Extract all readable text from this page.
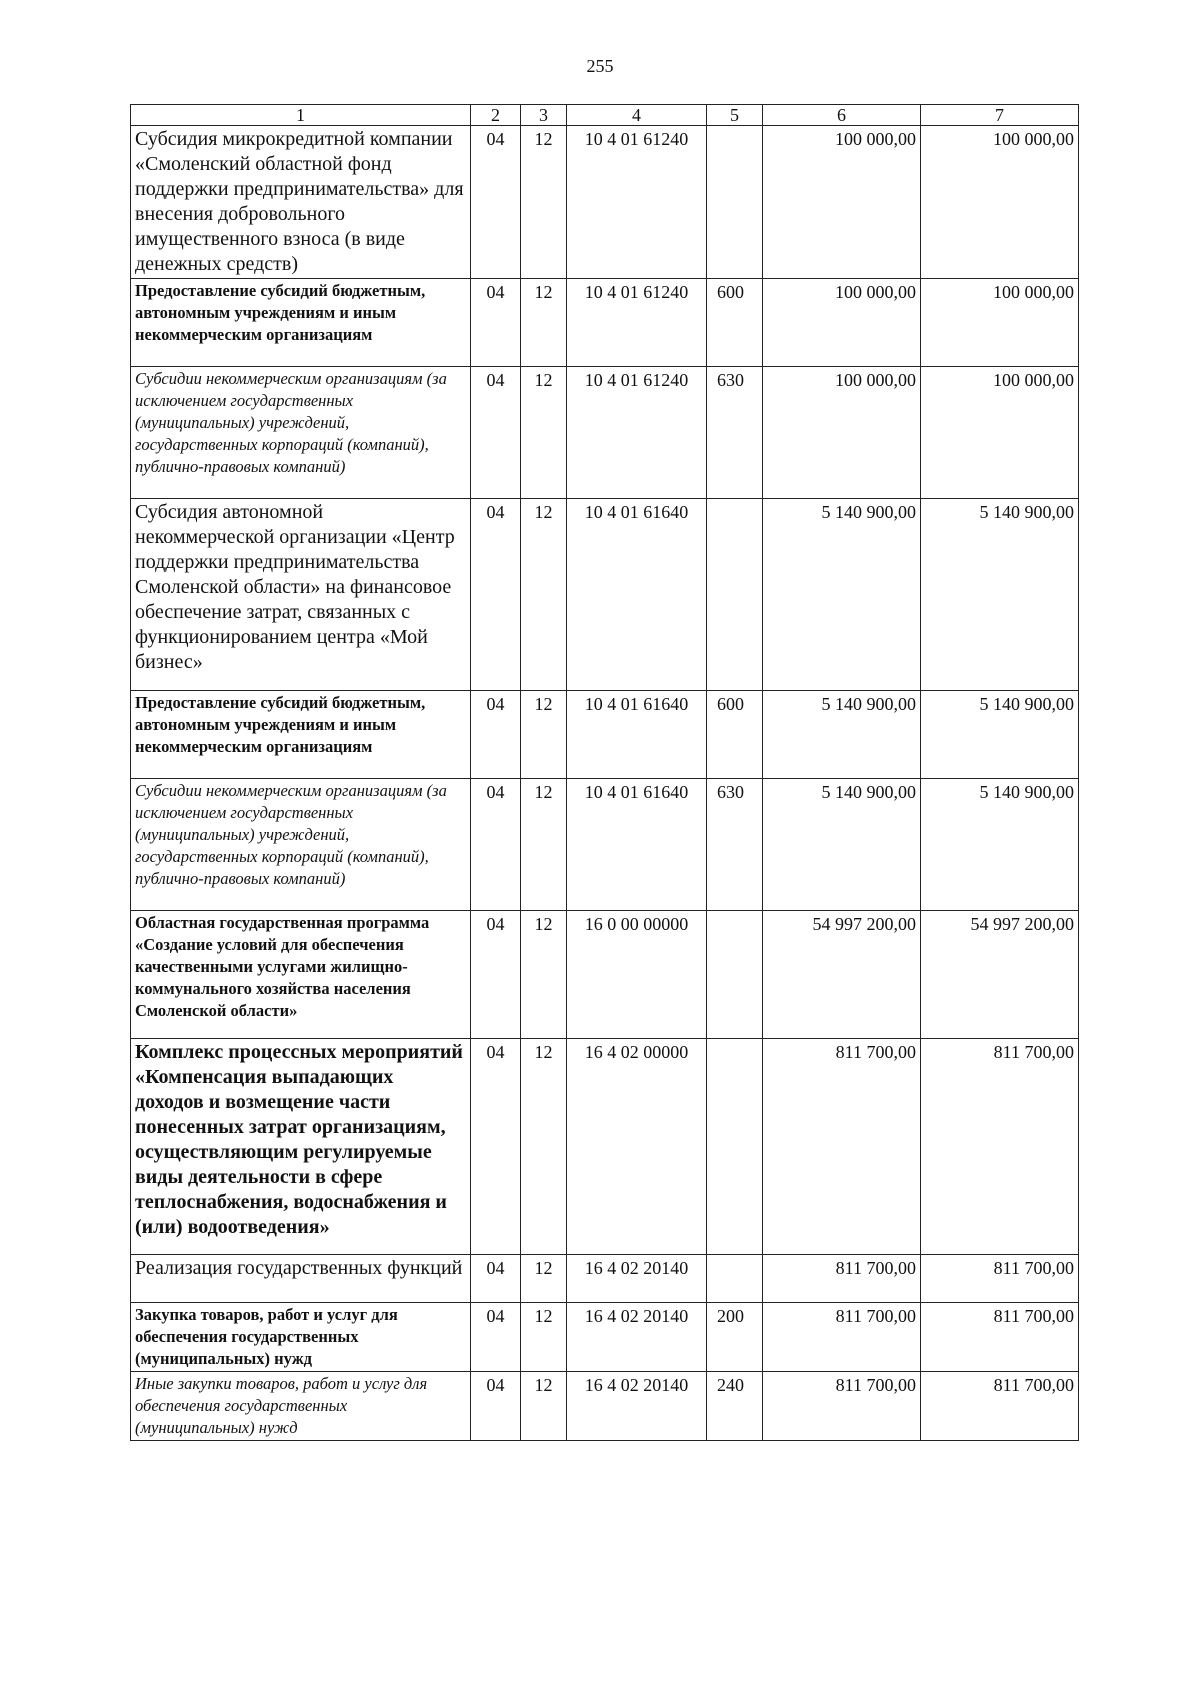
255
1	2	3	4	5	6	7
Субсидия микрокредитной компании «Смоленский областной фонд поддержки предпринимательства» для внесения добровольного имущественного взноса (в виде денежных средств)	04	12	10 4 01 61240		100 000,00	100 000,00
Предоставление субсидий бюджетным, автономным учреждениям и иным некоммерческим организациям	04	12	10 4 01 61240	600	100 000,00	100 000,00
Субсидии некоммерческим организациям (за исключением государственных (муниципальных) учреждений, государственных корпораций (компаний), публично-правовых компаний)	04	12	10 4 01 61240	630	100 000,00	100 000,00
Субсидия автономной некоммерческой организации «Центр поддержки предпринимательства Смоленской области» на финансовое обеспечение затрат, связанных с функционированием центра «Мой бизнес»	04	12	10 4 01 61640		5 140 900,00	5 140 900,00
Предоставление субсидий бюджетным, автономным учреждениям и иным некоммерческим организациям	04	12	10 4 01 61640	600	5 140 900,00	5 140 900,00
Субсидии некоммерческим организациям (за исключением государственных (муниципальных) учреждений, государственных корпораций (компаний), публично-правовых компаний)	04	12	10 4 01 61640	630	5 140 900,00	5 140 900,00
Областная государственная программа «Создание условий для обеспечения качественными услугами жилищно-коммунального хозяйства населения Смоленской области»	04	12	16 0 00 00000		54 997 200,00	54 997 200,00
Комплекс процессных мероприятий «Компенсация выпадающих доходов и возмещение части понесенных затрат организациям, осуществляющим регулируемые виды деятельности в сфере теплоснабжения, водоснабжения и (или) водоотведения»	04	12	16 4 02 00000		811 700,00	811 700,00
Реализация государственных функций	04	12	16 4 02 20140		811 700,00	811 700,00
Закупка товаров, работ и услуг для обеспечения государственных (муниципальных) нужд	04	12	16 4 02 20140	200	811 700,00	811 700,00
Иные закупки товаров, работ и услуг для обеспечения государственных (муниципальных) нужд	04	12	16 4 02 20140	240	811 700,00	811 700,00
